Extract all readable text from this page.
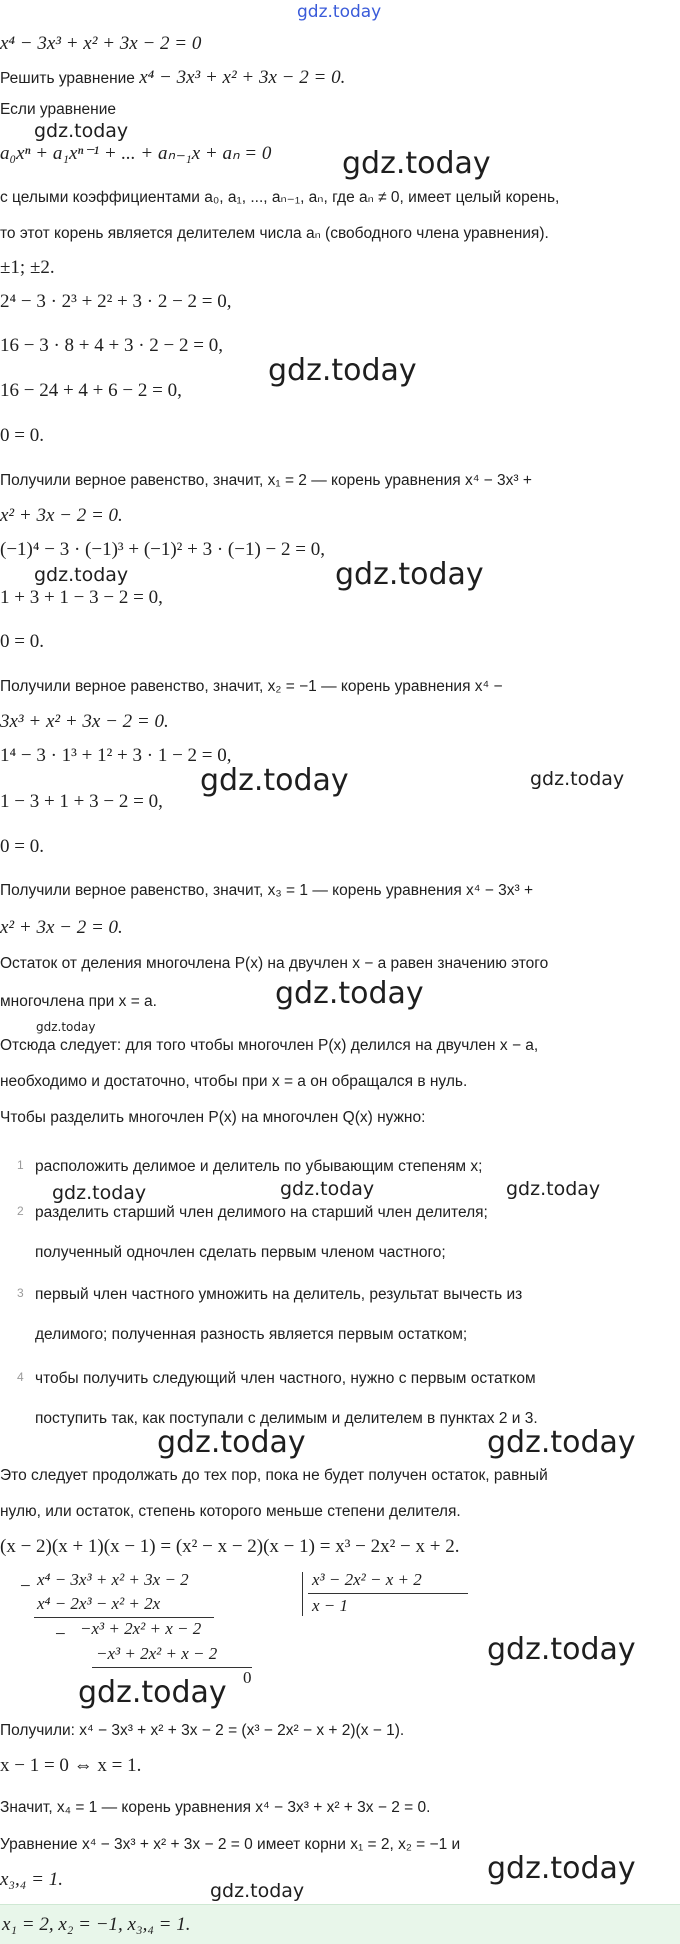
gdz.today
x⁴ − 3x³ + x² + 3x − 2 = 0
Решить уравнение x⁴ − 3x³ + x² + 3x − 2 = 0.
Если уравнение
gdz.today
a₀xⁿ + a₁xⁿ⁻¹ + ... + aₙ₋₁x + aₙ = 0 gdz.today
с целыми коэффициентами a₀, a₁, ..., aₙ₋₁, aₙ, где aₙ ≠ 0, имеет целый корень,
то этот корень является делителем числа aₙ (свободного члена уравнения).
±1; ±2.
2⁴ − 3 · 2³ + 2² + 3 · 2 − 2 = 0,
16 − 3 · 8 + 4 + 3 · 2 − 2 = 0,
gdz.today
16 − 24 + 4 + 6 − 2 = 0,
0 = 0.
Получили верное равенство, значит, x₁ = 2 — корень уравнения x⁴ − 3x³ +
x² + 3x − 2 = 0.
(−1)⁴ − 3 · (−1)³ + (−1)² + 3 · (−1) − 2 = 0,
gdz.today	gdz.today
1 + 3 + 1 − 3 − 2 = 0,
0 = 0.
Получили верное равенство, значит, x₂ = −1 — корень уравнения x⁴ −
3x³ + x² + 3x − 2 = 0.
1⁴ − 3 · 1³ + 1² + 3 · 1 − 2 = 0,
gdz.today	gdz.today
1 − 3 + 1 + 3 − 2 = 0,
0 = 0.
Получили верное равенство, значит, x₃ = 1 — корень уравнения x⁴ − 3x³ +
x² + 3x − 2 = 0.
Остаток от деления многочлена P(x) на двучлен x − a равен значению этого
gdz.today
многочлена при x = a.
gdz.today
Отсюда следует: для того чтобы многочлен P(x) делился на двучлен x − a,
необходимо и достаточно, чтобы при x = a он обращался в нуль.
Чтобы разделить многочлен P(x) на многочлен Q(x) нужно:
1 расположить делимое и делитель по убывающим степеням x;
gdz.today	gdz.today	gdz.today
2 разделить старший член делимого на старший член делителя;
полученный одночлен сделать первым членом частного;
3 первый член частного умножить на делитель, результат вычесть из
делимого; полученная разность является первым остатком;
4 чтобы получить следующий член частного, нужно с первым остатком
поступить так, как поступали с делимым и делителем в пунктах 2 и 3.
gdz.today	gdz.today
Это следует продолжать до тех пор, пока не будет получен остаток, равный
нулю, или остаток, степень которого меньше степени делителя.
(x − 2)(x + 1)(x − 1) = (x² − x − 2)(x − 1) = x³ − 2x² − x + 2.
− x⁴ − 3x³ + x² + 3x − 2
x⁴ − 2x³ − x² + 2x
− −x³ + 2x² + x − 2
−x³ + 2x² + x − 2
0
x³ − 2x² − x + 2
x − 1
gdz.today
gdz.today
Получили: x⁴ − 3x³ + x² + 3x − 2 = (x³ − 2x² − x + 2)(x − 1).
x − 1 = 0 ⇔ x = 1.
Значит, x₄ = 1 — корень уравнения x⁴ − 3x³ + x² + 3x − 2 = 0.
Уравнение x⁴ − 3x³ + x² + 3x − 2 = 0 имеет корни x₁ = 2, x₂ = −1 и
x₃,₄ = 1.	gdz.today
gdz.today
x₁ = 2, x₂ = −1, x₃,₄ = 1.
